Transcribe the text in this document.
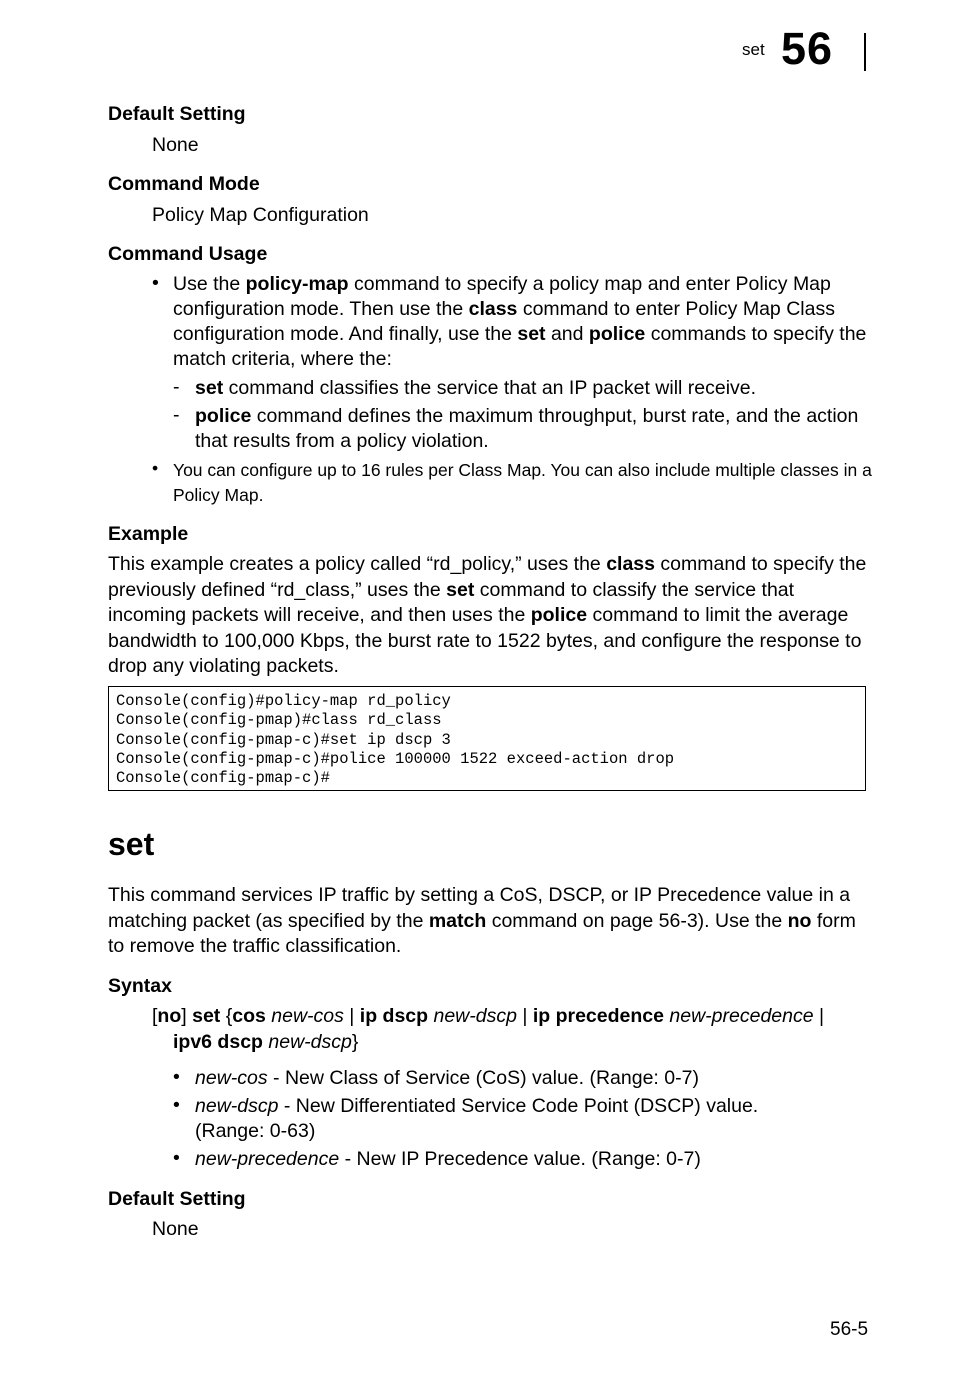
set 56
Default Setting
None
Command Mode
Policy Map Configuration
Command Usage
• Use the policy-map command to specify a policy map and enter Policy Map configuration mode. Then use the class command to enter Policy Map Class configuration mode. And finally, use the set and police commands to specify the match criteria, where the:
- set command classifies the service that an IP packet will receive.
- police command defines the maximum throughput, burst rate, and the action that results from a policy violation.
• You can configure up to 16 rules per Class Map. You can also include multiple classes in a Policy Map.
Example
This example creates a policy called “rd_policy,” uses the class command to specify the previously defined “rd_class,” uses the set command to classify the service that incoming packets will receive, and then uses the police command to limit the average bandwidth to 100,000 Kbps, the burst rate to 1522 bytes, and configure the response to drop any violating packets.
Console(config)#policy-map rd_policy
Console(config-pmap)#class rd_class
Console(config-pmap-c)#set ip dscp 3
Console(config-pmap-c)#police 100000 1522 exceed-action drop
Console(config-pmap-c)#
set
This command services IP traffic by setting a CoS, DSCP, or IP Precedence value in a matching packet (as specified by the match command on page 56-3). Use the no form to remove the traffic classification.
Syntax
[no] set {cos new-cos | ip dscp new-dscp | ip precedence new-precedence |
ipv6 dscp new-dscp}
• new-cos - New Class of Service (CoS) value. (Range: 0-7)
• new-dscp - New Differentiated Service Code Point (DSCP) value. (Range: 0-63)
• new-precedence - New IP Precedence value. (Range: 0-7)
Default Setting
None
56-5
